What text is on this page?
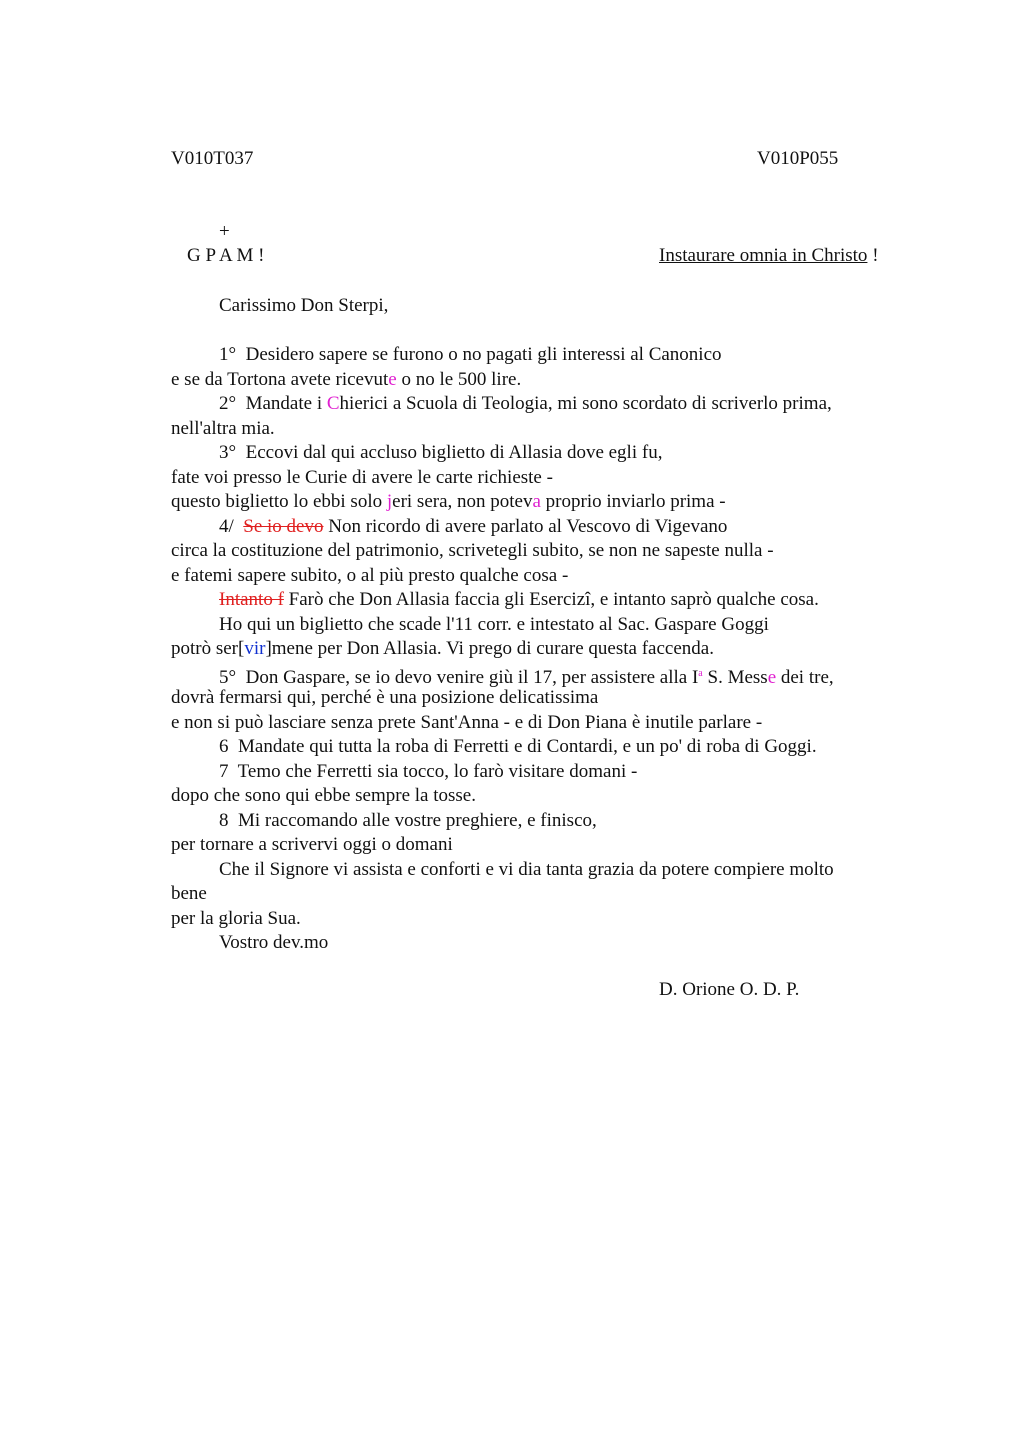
V010T037	V010P055
+
G P A M !	Instaurare omnia in Christo !
Carissimo Don Sterpi,
1°  Desidero sapere se furono o no pagati gli interessi al Canonico
e se da Tortona avete ricevute o no le 500 lire.
2°  Mandate i Chierici a Scuola di Teologia, mi sono scordato di scriverlo prima,
nell'altra mia.
3°  Eccovi dal qui accluso biglietto di Allasia dove egli fu,
fate voi presso le Curie di avere le carte richieste -
questo biglietto lo ebbi solo jeri sera, non poteva proprio inviarlo prima -
4/  Se io devo Non ricordo di avere parlato al Vescovo di Vigevano
circa la costituzione del patrimonio, scrivetegli subito, se non ne sapeste nulla -
e fatemi sapere subito, o al più presto qualche cosa -
Intanto f Farò che Don Allasia faccia gli Esercizî, e intanto saprò qualche cosa.
Ho qui un biglietto che scade l'11 corr. e intestato al Sac. Gaspare Goggi
potrò ser[vir]mene per Don Allasia. Vi prego di curare questa faccenda.
5°  Don Gaspare, se io devo venire giù il 17, per assistere alla $I^a$ S. Messe dei tre,
dovrà fermarsi qui, perché è una posizione delicatissima
e non si può lasciare senza prete Sant'Anna - e di Don Piana è inutile parlare -
6  Mandate qui tutta la roba di Ferretti e di Contardi, e un po' di roba di Goggi.
7  Temo che Ferretti sia tocco, lo farò visitare domani -
dopo che sono qui ebbe sempre la tosse.
8  Mi raccomando alle vostre preghiere, e finisco,
per tornare a scrivervi oggi o domani
Che il Signore vi assista e conforti e vi dia tanta grazia da potere compiere molto
bene
per la gloria Sua.
Vostro dev.mo
D. Orione O. D. P.
